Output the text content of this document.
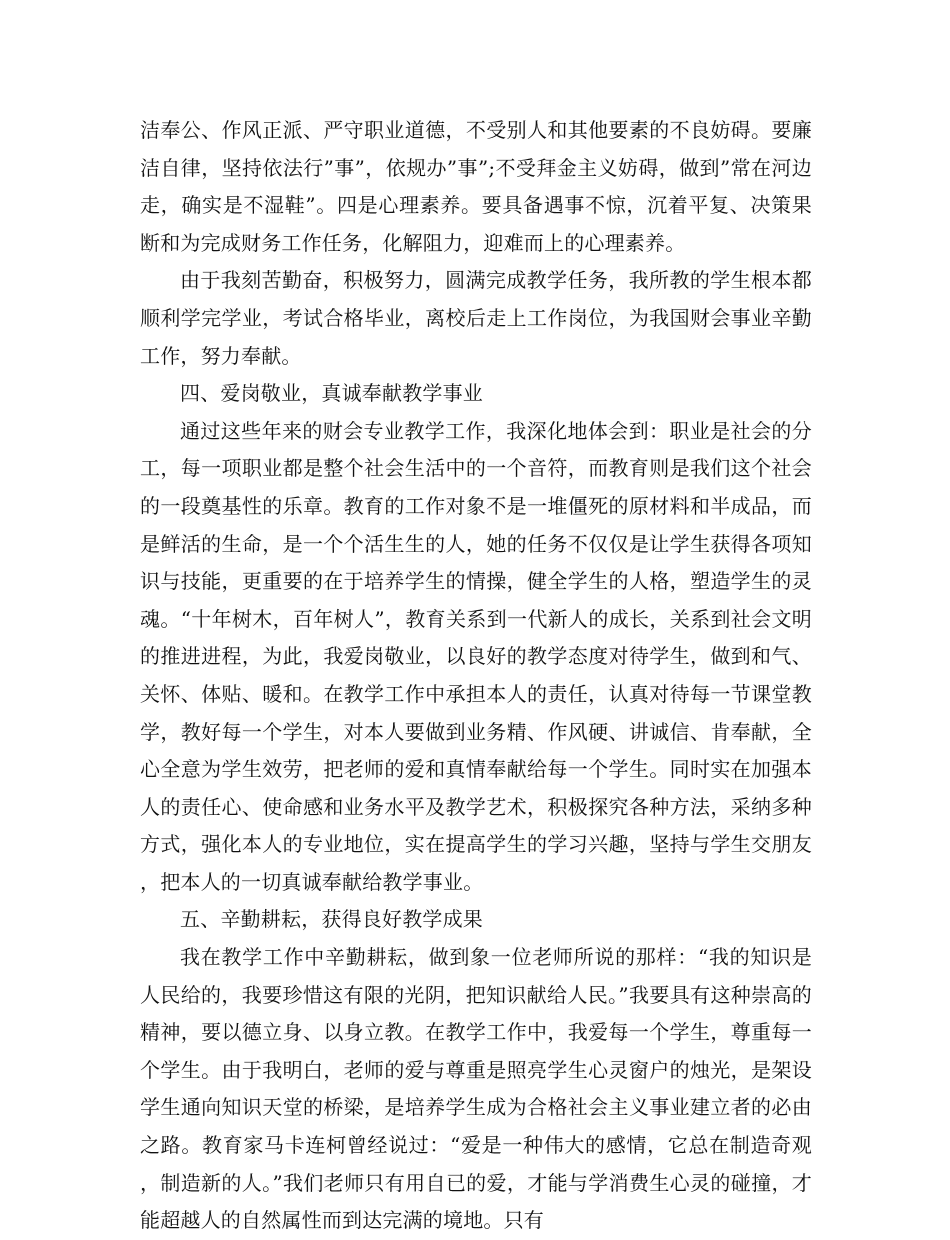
洁奉公、作风正派、严守职业道德，不受别人和其他要素的不良妨碍。要廉洁自律，坚持依法行”事”，依规办”事”;不受拜金主义妨碍，做到”常在河边走，确实是不湿鞋”。四是心理素养。要具备遇事不惊，沉着平复、决策果断和为完成财务工作任务，化解阻力，迎难而上的心理素养。

由于我刻苦勤奋，积极努力，圆满完成教学任务，我所教的学生根本都顺利学完学业，考试合格毕业，离校后走上工作岗位，为我国财会事业辛勤工作，努力奉献。

四、爱岗敬业，真诚奉献教学事业

通过这些年来的财会专业教学工作，我深化地体会到：职业是社会的分工，每一项职业都是整个社会生活中的一个音符，而教育则是我们这个社会的一段奠基性的乐章。教育的工作对象不是一堆僵死的原材料和半成品，而是鲜活的生命，是一个个活生生的人，她的任务不仅仅是让学生获得各项知识与技能，更重要的在于培养学生的情操，健全学生的人格，塑造学生的灵魂。“十年树木，百年树人”，教育关系到一代新人的成长，关系到社会文明的推进进程，为此，我爱岗敬业，以良好的教学态度对待学生，做到和气、关怀、体贴、暖和。在教学工作中承担本人的责任，认真对待每一节课堂教学，教好每一个学生，对本人要做到业务精、作风硬、讲诚信、肯奉献，全心全意为学生效劳，把老师的爱和真情奉献给每一个学生。同时实在加强本人的责任心、使命感和业务水平及教学艺术，积极探究各种方法，采纳多种方式，强化本人的专业地位，实在提高学生的学习兴趣，坚持与学生交朋友，把本人的一切真诚奉献给教学事业。

五、辛勤耕耘，获得良好教学成果

我在教学工作中辛勤耕耘，做到象一位老师所说的那样：“我的知识是人民给的，我要珍惜这有限的光阴，把知识献给人民。”我要具有这种崇高的精神，要以德立身、以身立教。在教学工作中，我爱每一个学生，尊重每一个学生。由于我明白，老师的爱与尊重是照亮学生心灵窗户的烛光，是架设学生通向知识天堂的桥梁，是培养学生成为合格社会主义事业建立者的必由之路。教育家马卡连柯曾经说过：“爱是一种伟大的感情，它总在制造奇观，制造新的人。”我们老师只有用自已的爱，才能与学消费生心灵的碰撞，才能超越人的自然属性而到达完满的境地。只有
